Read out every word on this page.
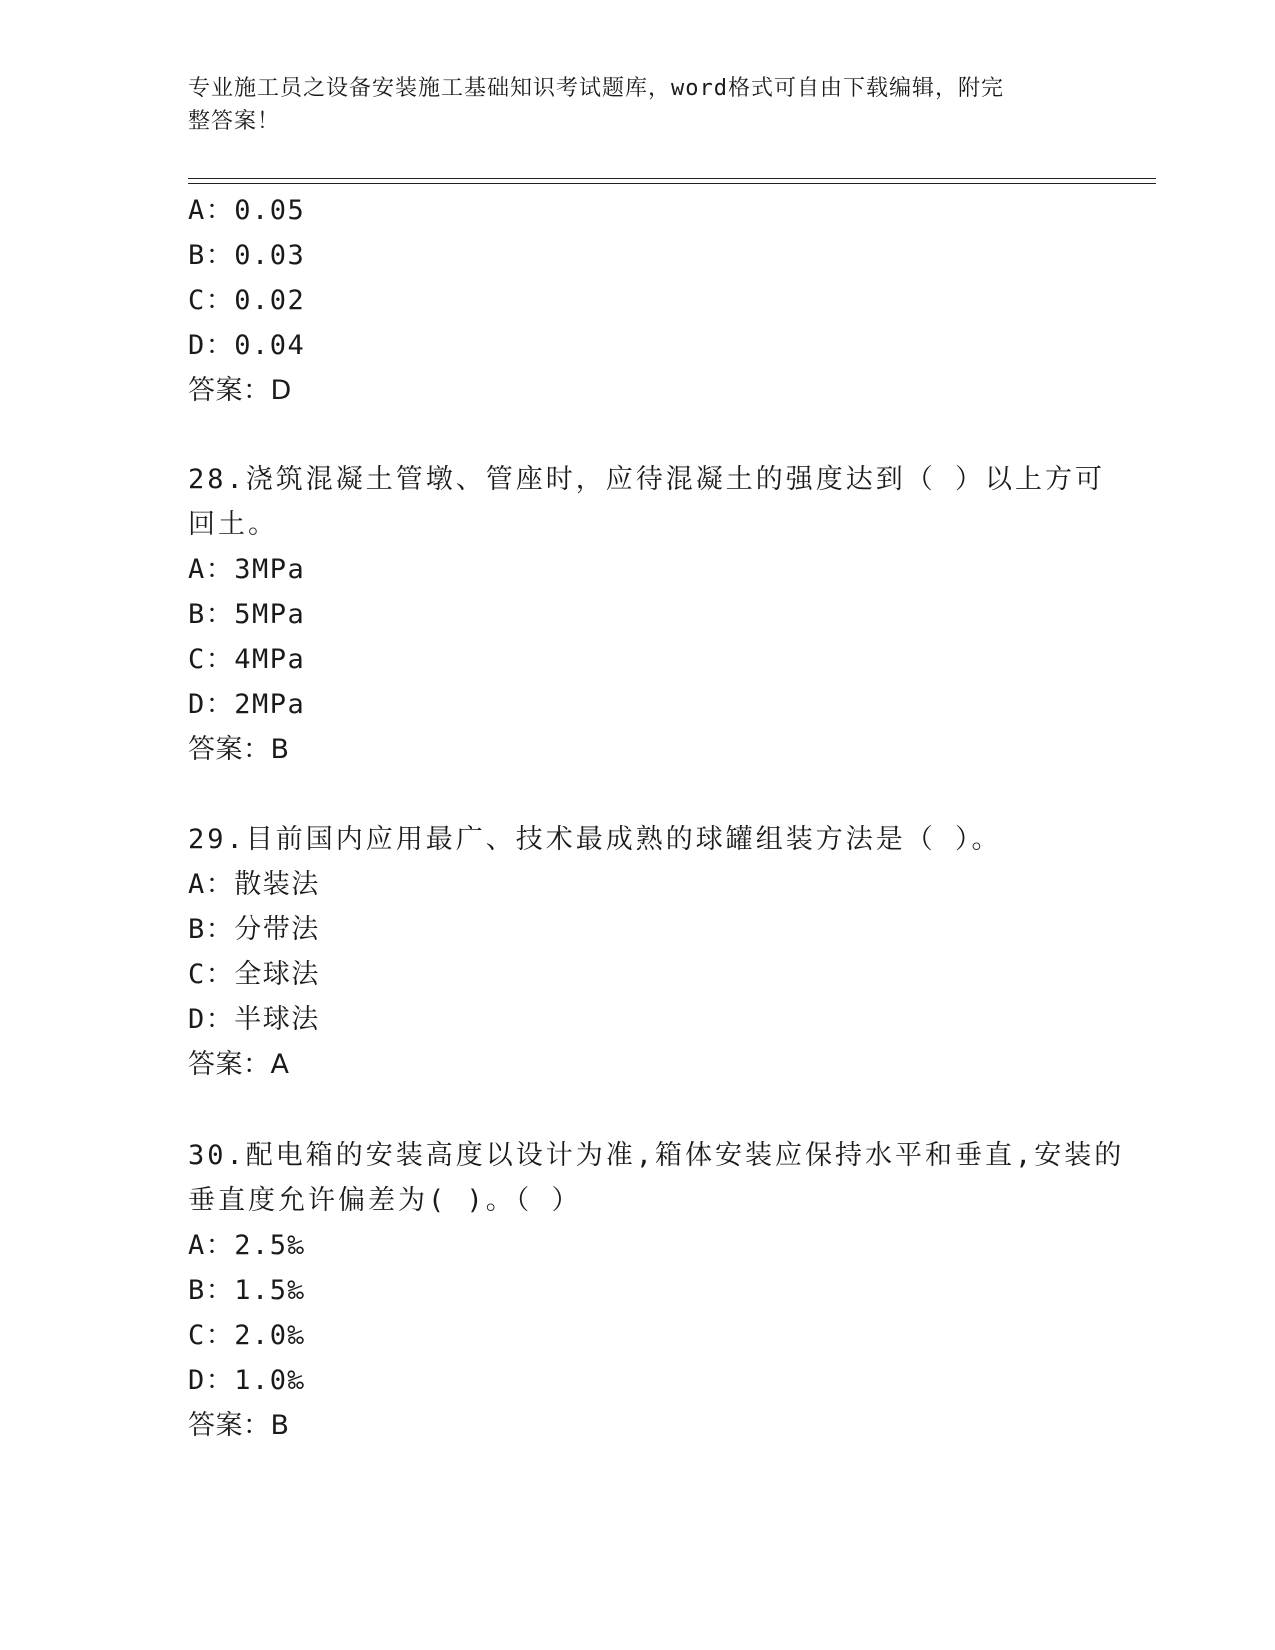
专业施工员之设备安装施工基础知识考试题库，word格式可自由下载编辑，附完
整答案！
A：0.05
B：0.03
C：0.02
D：0.04
答案：D
28.浇筑混凝土管墩、管座时，应待混凝土的强度达到（ ）以上方可
回土。
A：3MPa
B：5MPa
C：4MPa
D：2MPa
答案：B
29.目前国内应用最广、技术最成熟的球罐组装方法是（ ）。
A：散装法
B：分带法
C：全球法
D：半球法
答案：A
30.配电箱的安装高度以设计为准,箱体安装应保持水平和垂直,安装的
垂直度允许偏差为( )。（ ）
A：2.5‰
B：1.5‰
C：2.0‰
D：1.0‰
答案：B
